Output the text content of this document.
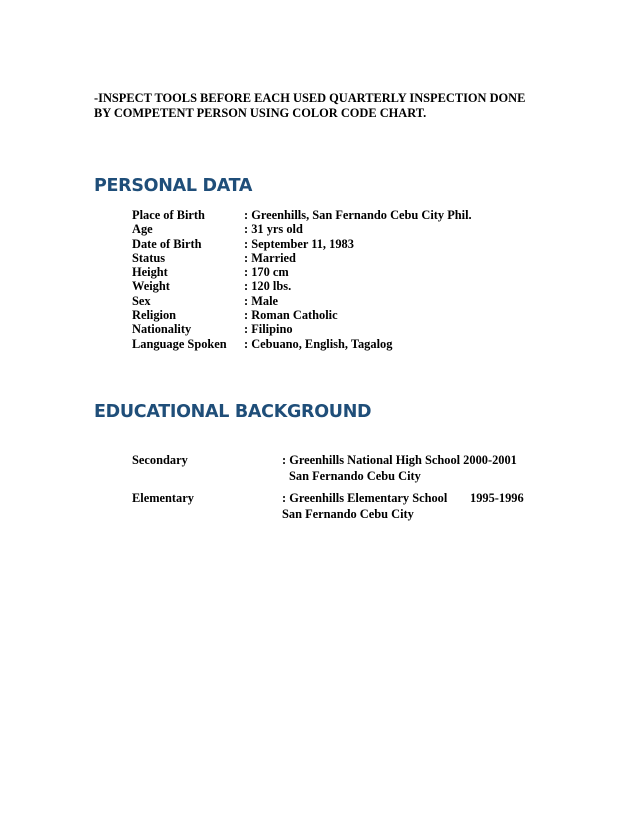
-INSPECT TOOLS BEFORE EACH USED QUARTERLY INSPECTION DONE

BY COMPETENT PERSON USING COLOR CODE CHART.

PERSONAL DATA
Place of Birth	: Greenhills, San Fernando Cebu City Phil.
Age	: 31 yrs old
Date of Birth	: September 11, 1983
Status	: Married
Height	: 170 cm
Weight	: 120 lbs.
Sex	: Male
Religion	: Roman Catholic
Nationality	: Filipino
Language Spoken	: Cebuano, English, Tagalog
EDUCATIONAL BACKGROUND
Secondary	: Greenhills National High School 2000-2001
San Fernando Cebu City
Elementary	: Greenhills Elementary School 1995-1996
San Fernando Cebu City
